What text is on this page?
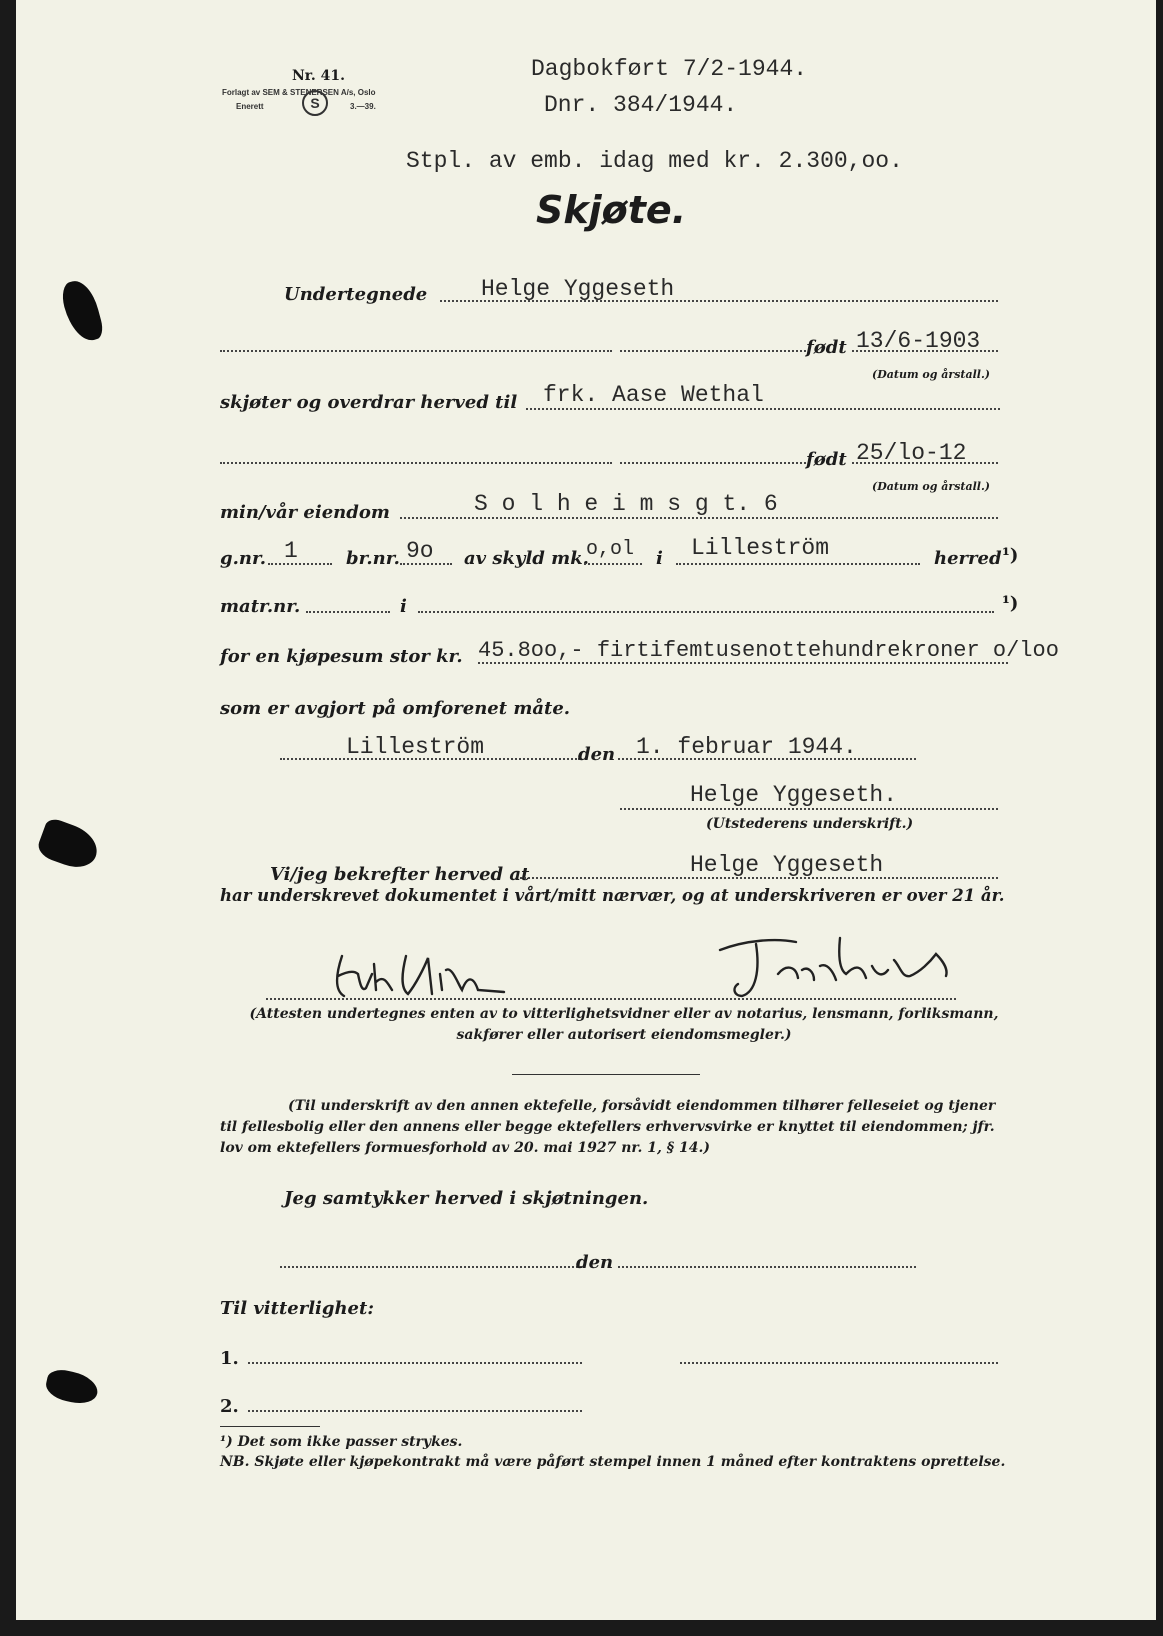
Nr. 41.
Forlagt av SEM & STENERSEN A/s, Oslo
Enerett	S	3.—39.
Dagbokført 7/2-1944.
Dnr. 384/1944.
Stpl. av emb. idag med kr. 2.300,oo.
Skjøte.
Undertegnede Helge Yggeseth
født 13/6-1903
(Datum og årstall.)
skjøter og overdrar herved til frk. Aase Wethal
født 25/lo-12
(Datum og årstall.)
min/vår eiendom	S o l h e i m s g t. 6
g.nr. 1	br.nr. 9o av skyld mk.
o,ol i Lilleström	herred ¹)
matr.nr.	i	¹)
for en kjøpesum stor kr. 45.8oo,- firtifemtusenottehundrekroner o/loo
som er avgjort på omforenet måte.
Lilleström	den 1. februar 1944.
Helge Yggeseth.
(Utstederens underskrift.)
Vi/jeg bekrefter herved at	Helge Yggeseth
har underskrevet dokumentet i vårt/mitt nærvær, og at underskriveren er over 21 år.
(Attesten undertegnes enten av to vitterlighetsvidner eller av notarius, lensmann, forliksmann, sakfører eller autorisert eiendomsmegler.)
(Til underskrift av den annen ektefelle, forsåvidt eiendommen tilhører felleseiet og tjener til fellesbolig eller den annens eller begge ektefellers erhvervsvirke er knyttet til eiendommen; jfr. lov om ektefellers formuesforhold av 20. mai 1927 nr. 1, § 14.)
Jeg samtykker herved i skjøtningen.
den
Til vitterlighet:
1.
2.
¹) Det som ikke passer strykes.
NB. Skjøte eller kjøpekontrakt må være påført stempel innen 1 måned efter kontraktens oprettelse.
